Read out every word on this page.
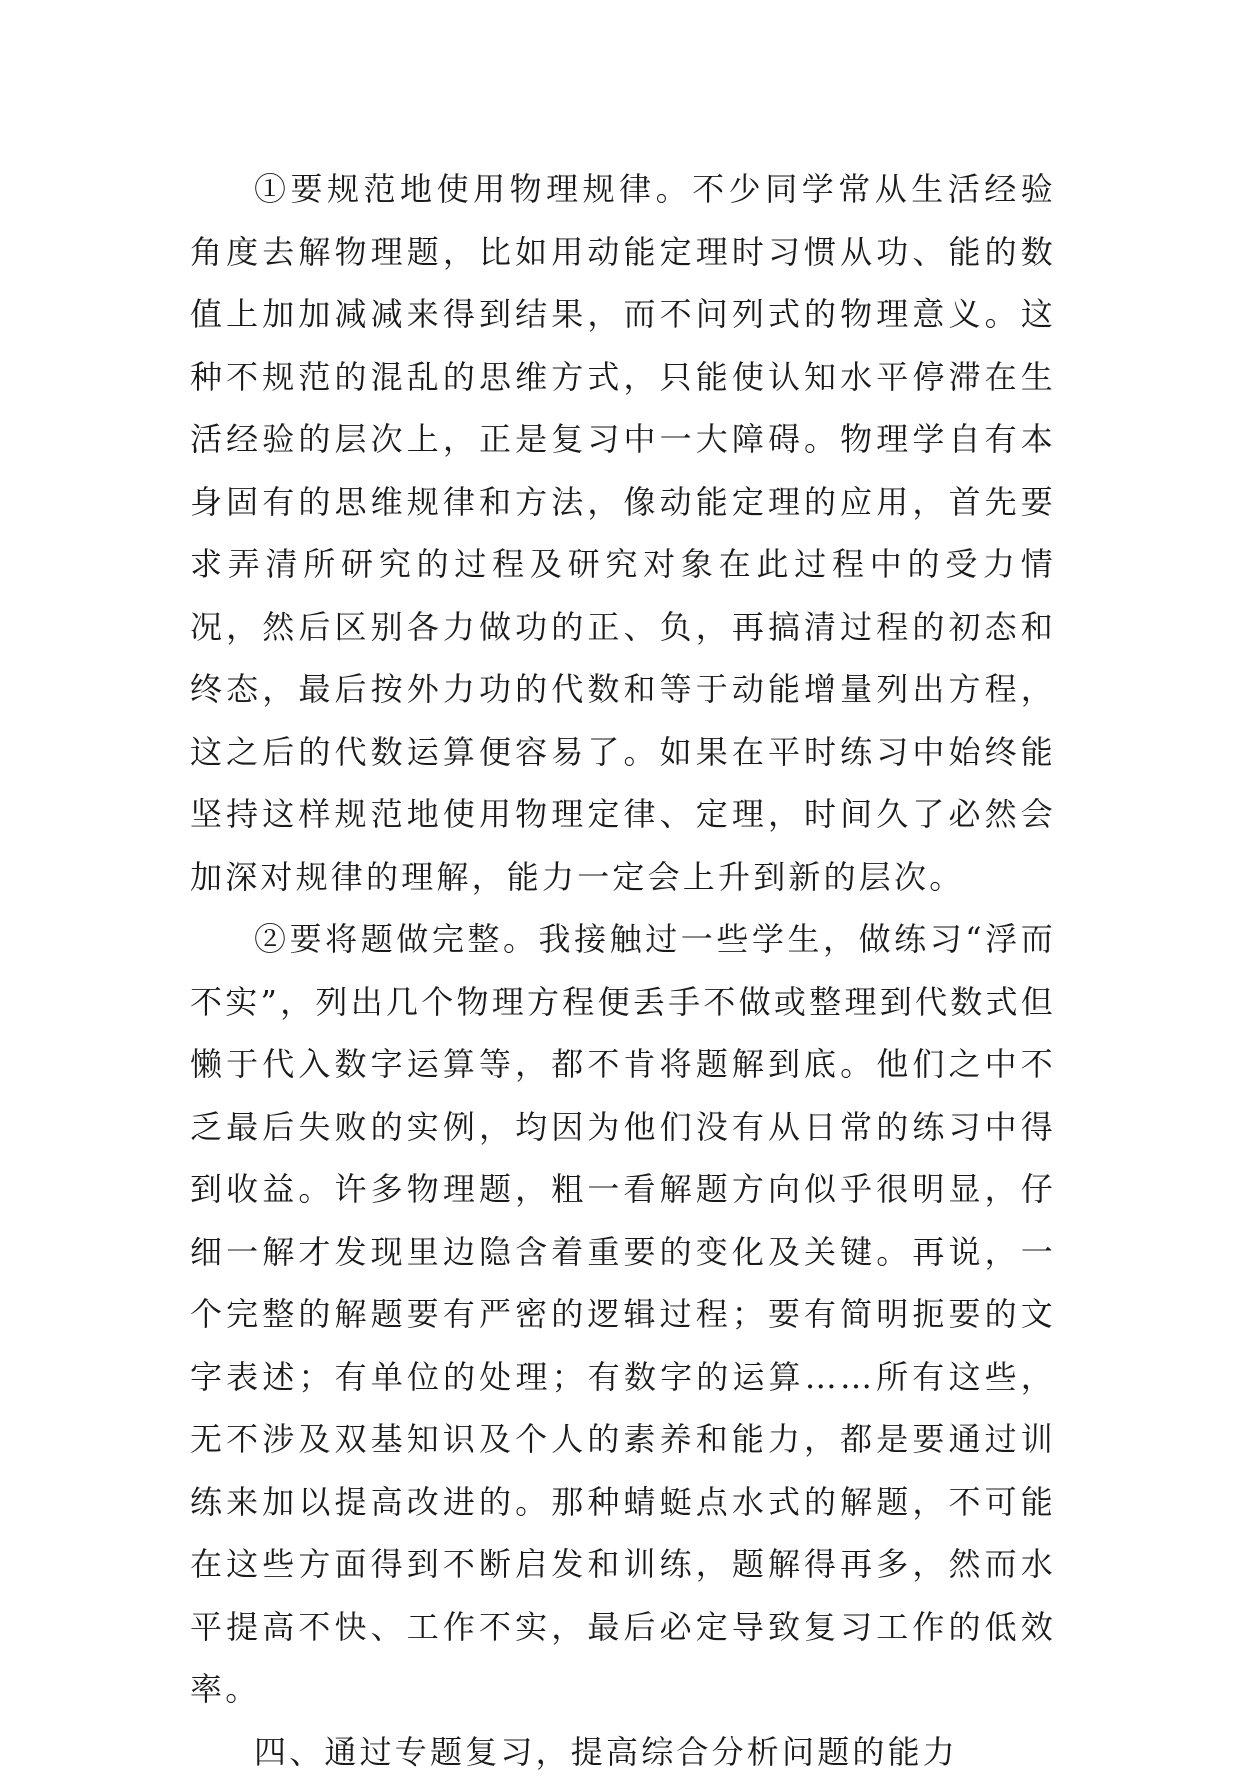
①要规范地使用物理规律。不少同学常从生活经验角度去解物理题，比如用动能定理时习惯从功、能的数值上加加减减来得到结果，而不问列式的物理意义。这种不规范的混乱的思维方式，只能使认知水平停滞在生活经验的层次上，正是复习中一大障碍。物理学自有本身固有的思维规律和方法，像动能定理的应用，首先要求弄清所研究的过程及研究对象在此过程中的受力情况，然后区别各力做功的正、负，再搞清过程的初态和终态，最后按外力功的代数和等于动能增量列出方程，这之后的代数运算便容易了。如果在平时练习中始终能坚持这样规范地使用物理定律、定理，时间久了必然会加深对规律的理解，能力一定会上升到新的层次。

②要将题做完整。我接触过一些学生，做练习“浮而不实”，列出几个物理方程便丢手不做或整理到代数式但懒于代入数字运算等，都不肯将题解到底。他们之中不乏最后失败的实例，均因为他们没有从日常的练习中得到收益。许多物理题，粗一看解题方向似乎很明显，仔细一解才发现里边隐含着重要的变化及关键。再说，一个完整的解题要有严密的逻辑过程；要有简明扼要的文字表述；有单位的处理；有数字的运算……所有这些，无不涉及双基知识及个人的素养和能力，都是要通过训练来加以提高改进的。那种蜻蜓点水式的解题，不可能在这些方面得到不断启发和训练，题解得再多，然而水平提高不快、工作不实，最后必定导致复习工作的低效率。

四、通过专题复习，提高综合分析问题的能力
